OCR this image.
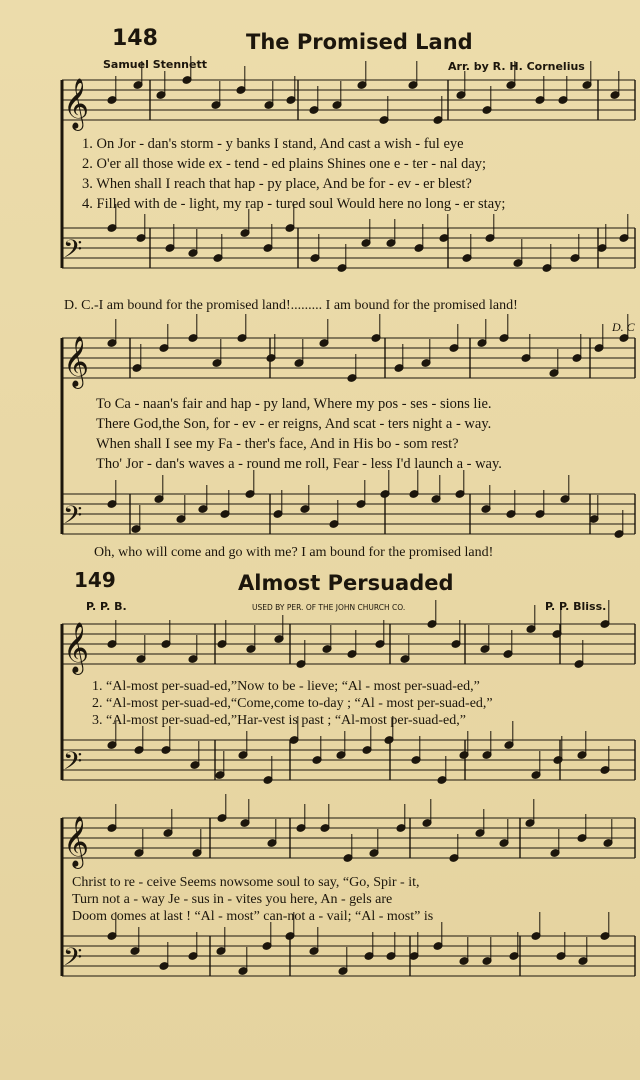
148	The Promised Land
Samuel Stennett	Arr. by R. H. Cornelius
𝄞
𝄢
𝄞
𝄢
𝄞
𝄢
𝄞
𝄢
1. On Jor - dan's storm - y banks I stand, And cast a wish - ful eye
2. O'er all those wide ex - tend - ed plains Shines one e - ter - nal day;
3. When shall I reach that hap - py place, And be for - ev - er blest?
4. Filled with de - light, my rap - tured soul Would here no long - er stay;
D. C.-I am bound for the promised land!......... I am bound for the promised land!
D. C
To Ca - naan's fair and hap - py land, Where my pos - ses - sions lie.
There God,the Son, for - ev - er reigns, And scat - ters night a - way.
When shall I see my Fa - ther's face, And in His bo - som rest?
Tho' Jor - dan's waves a - round me roll, Fear - less I'd launch a - way.
Oh, who will come and go with me? I am bound for the promised land!
149	Almost Persuaded
P. P. B.	USED BY PER. OF THE JOHN CHURCH CO.	P. P. Bliss.
1. “Al-most per-suad-ed,”Now to be - lieve; “Al - most per-suad-ed,”
2. “Al-most per-suad-ed,“Come,come to-day ; “Al - most per-suad-ed,”
3. “Al-most per-suad-ed,”Har-vest is past ; “Al-most per-suad-ed,”
Christ to re - ceive Seems nowsome soul to say, “Go, Spir - it,
Turn not a - way Je - sus in - vites you here, An - gels are
Doom comes at last ! “Al - most” can-not a - vail; “Al - most” is
